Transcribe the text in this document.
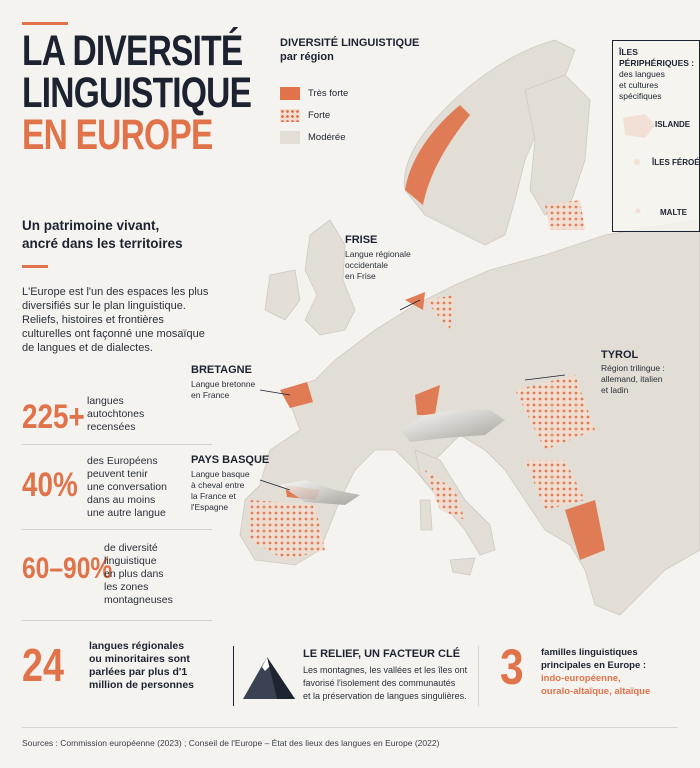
LA DIVERSITÉ
LINGUISTIQUE
EN EUROPE
Un patrimoine vivant,
ancré dans les territoires
L'Europe est l'un des espaces les plus diversifiés sur le plan linguistique. Reliefs, histoires et frontières culturelles ont façonné une mosaïque de langues et de dialectes.
225+ langues
autochtones
recensées
40%
des Européens
peuvent tenir
une conversation
dans au moins
une autre langue
60–90%
de diversité
linguistique
en plus dans
les zones
montagneuses
24 langues régionales
ou minoritaires sont
parlées par plus d'1
million de personnes
DIVERSITÉ LINGUISTIQUE
par région
Très forte
Forte
Modérée
ÎLES PÉRIPHÉRIQUES :
des langues
et cultures
spécifiques
ISLANDE
ÎLES FÉROÉ
MALTE
FRISE
Langue régionale
occidentale
en Frise
BRETAGNE
Langue bretonne
en France
TYROL
Région trilingue :
allemand, italien
et ladin
PAYS BASQUE
Langue basque
à cheval entre
la France et
l'Espagne
LE RELIEF, UN FACTEUR CLÉ
Les montagnes, les vallées et les îles ont
favorisé l'isolement des communautés
et la préservation de langues singulières.
3 familles linguistiques
principales en Europe :
indo-européenne,
ouralo-altaïque, altaïque
Sources : Commission européenne (2023) ; Conseil de l'Europe – État des lieux des langues en Europe (2022)
